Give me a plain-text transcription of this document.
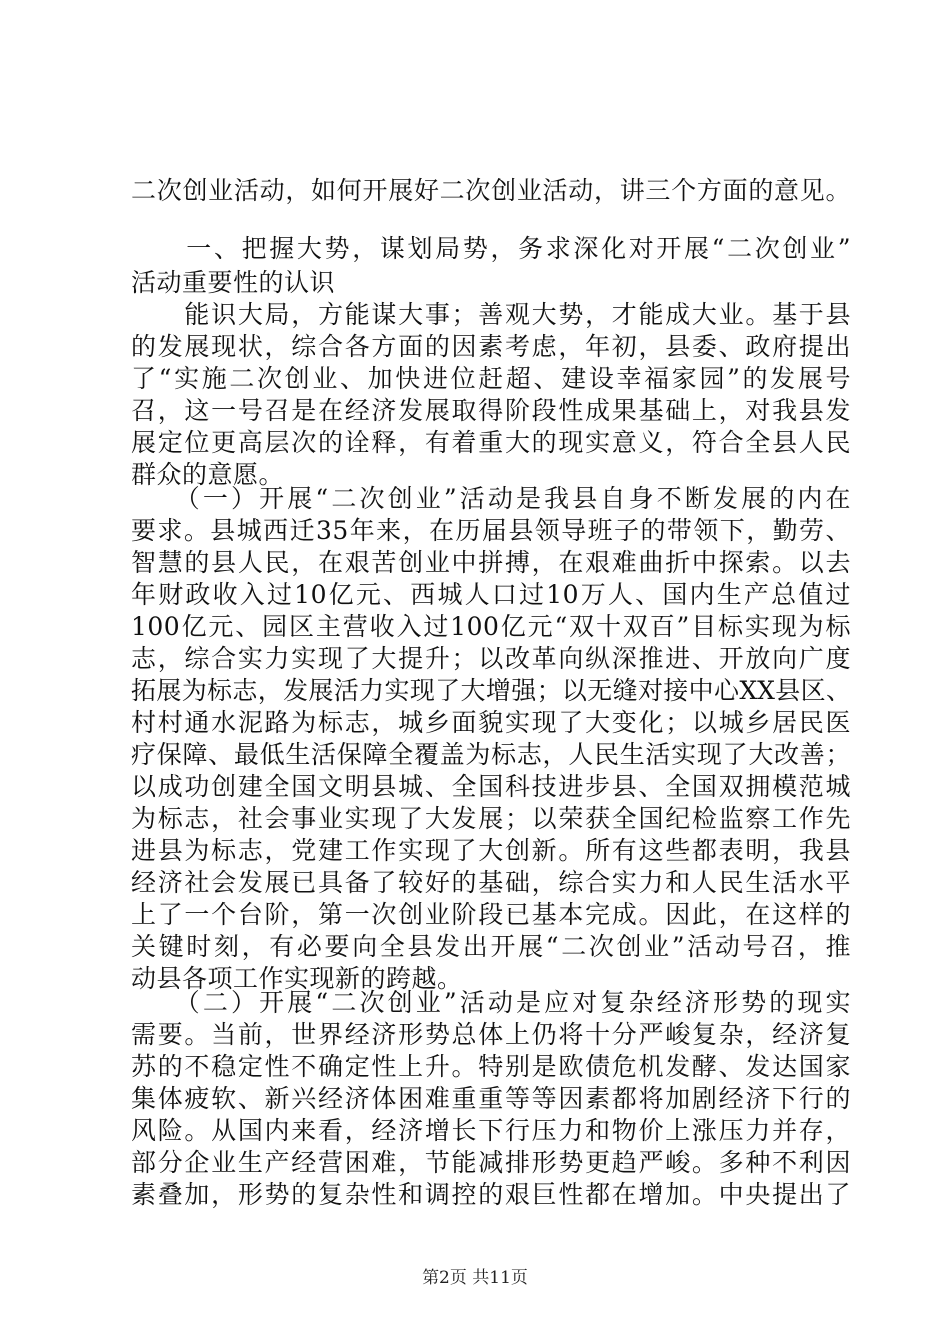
二次创业活动，如何开展好二次创业活动，讲三个方面的意见。
　　一、把握大势，谋划局势，务求深化对开展“二次创业”
活动重要性的认识
　　能识大局，方能谋大事；善观大势，才能成大业。基于县
的发展现状，综合各方面的因素考虑，年初，县委、政府提出
了“实施二次创业、加快进位赶超、建设幸福家园”的发展号
召，这一号召是在经济发展取得阶段性成果基础上，对我县发
展定位更高层次的诠释，有着重大的现实意义，符合全县人民
群众的意愿。
　　（一）开展“二次创业”活动是我县自身不断发展的内在
要求。县城西迁35年来，在历届县领导班子的带领下，勤劳、
智慧的县人民，在艰苦创业中拼搏，在艰难曲折中探索。以去
年财政收入过10亿元、西城人口过10万人、国内生产总值过
100亿元、园区主营收入过100亿元“双十双百”目标实现为标
志，综合实力实现了大提升；以改革向纵深推进、开放向广度
拓展为标志，发展活力实现了大增强；以无缝对接中心XX县区、
村村通水泥路为标志，城乡面貌实现了大变化；以城乡居民医
疗保障、最低生活保障全覆盖为标志，人民生活实现了大改善；
以成功创建全国文明县城、全国科技进步县、全国双拥模范城
为标志，社会事业实现了大发展；以荣获全国纪检监察工作先
进县为标志，党建工作实现了大创新。所有这些都表明，我县
经济社会发展已具备了较好的基础，综合实力和人民生活水平
上了一个台阶，第一次创业阶段已基本完成。因此，在这样的
关键时刻，有必要向全县发出开展“二次创业”活动号召，推
动县各项工作实现新的跨越。
　　（二）开展“二次创业”活动是应对复杂经济形势的现实
需要。当前，世界经济形势总体上仍将十分严峻复杂，经济复
苏的不稳定性不确定性上升。特别是欧债危机发酵、发达国家
集体疲软、新兴经济体困难重重等等因素都将加剧经济下行的
风险。从国内来看，经济增长下行压力和物价上涨压力并存，
部分企业生产经营困难，节能减排形势更趋严峻。多种不利因
素叠加，形势的复杂性和调控的艰巨性都在增加。中央提出了
第2页 共11页
